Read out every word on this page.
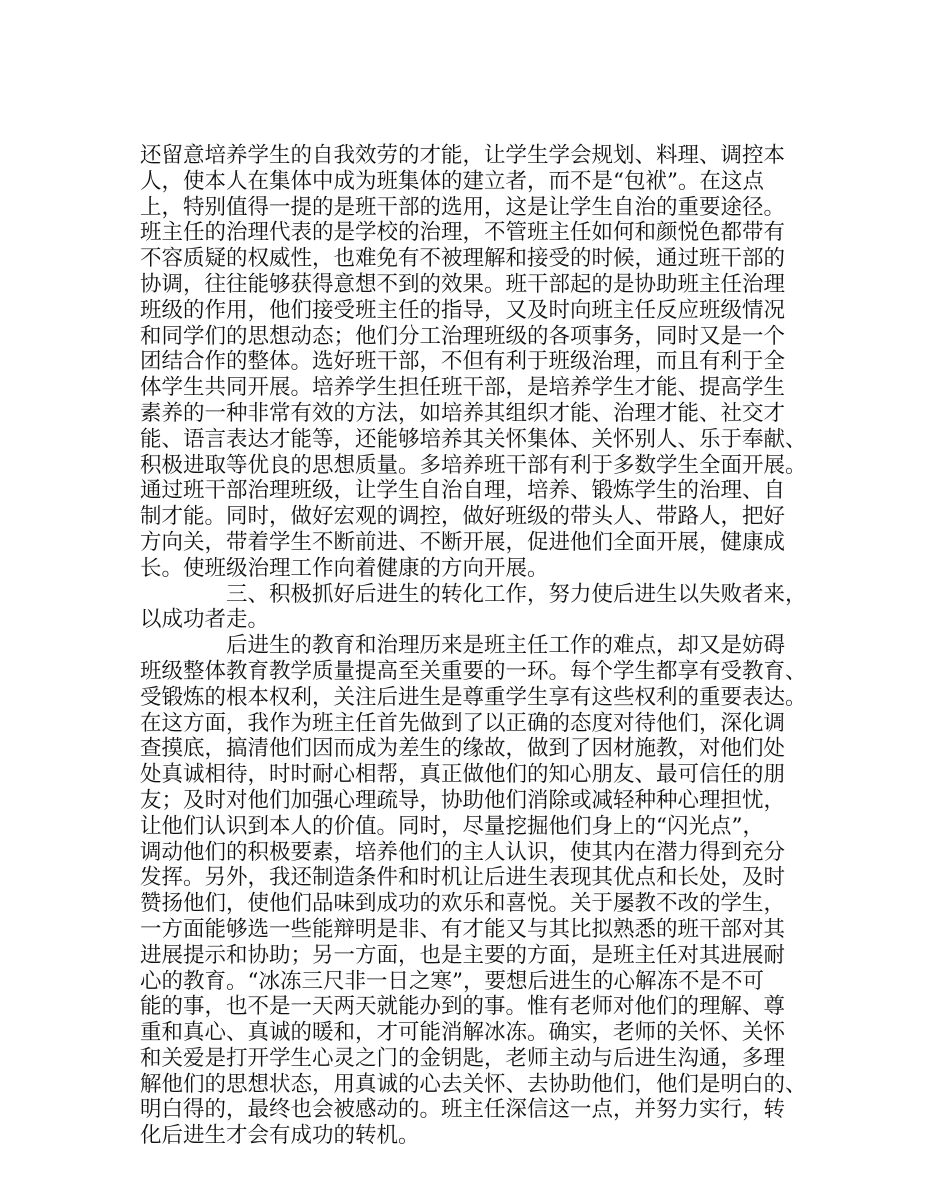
还留意培养学生的自我效劳的才能，让学生学会规划、料理、调控本
人，使本人在集体中成为班集体的建立者，而不是“包袱”。在这点
上，特别值得一提的是班干部的选用，这是让学生自治的重要途径。
班主任的治理代表的是学校的治理，不管班主任如何和颜悦色都带有
不容质疑的权威性，也难免有不被理解和接受的时候，通过班干部的
协调，往往能够获得意想不到的效果。班干部起的是协助班主任治理
班级的作用，他们接受班主任的指导，又及时向班主任反应班级情况
和同学们的思想动态；他们分工治理班级的各项事务，同时又是一个
团结合作的整体。选好班干部，不但有利于班级治理，而且有利于全
体学生共同开展。培养学生担任班干部，是培养学生才能、提高学生
素养的一种非常有效的方法，如培养其组织才能、治理才能、社交才
能、语言表达才能等，还能够培养其关怀集体、关怀别人、乐于奉献、
积极进取等优良的思想质量。多培养班干部有利于多数学生全面开展。
通过班干部治理班级，让学生自治自理，培养、锻炼学生的治理、自
制才能。同时，做好宏观的调控，做好班级的带头人、带路人，把好
方向关，带着学生不断前进、不断开展，促进他们全面开展，健康成
长。使班级治理工作向着健康的方向开展。
三、积极抓好后进生的转化工作，努力使后进生以失败者来，
以成功者走。
后进生的教育和治理历来是班主任工作的难点，却又是妨碍
班级整体教育教学质量提高至关重要的一环。每个学生都享有受教育、
受锻炼的根本权利，关注后进生是尊重学生享有这些权利的重要表达。
在这方面，我作为班主任首先做到了以正确的态度对待他们，深化调
查摸底，搞清他们因而成为差生的缘故，做到了因材施教，对他们处
处真诚相待，时时耐心相帮，真正做他们的知心朋友、最可信任的朋
友；及时对他们加强心理疏导，协助他们消除或减轻种种心理担忧，
让他们认识到本人的价值。同时，尽量挖掘他们身上的“闪光点”，
调动他们的积极要素，培养他们的主人认识，使其内在潜力得到充分
发挥。另外，我还制造条件和时机让后进生表现其优点和长处，及时
赞扬他们，使他们品味到成功的欢乐和喜悦。关于屡教不改的学生，
一方面能够选一些能辩明是非、有才能又与其比拟熟悉的班干部对其
进展提示和协助；另一方面，也是主要的方面，是班主任对其进展耐
心的教育。“冰冻三尺非一日之寒”，要想后进生的心解冻不是不可
能的事，也不是一天两天就能办到的事。惟有老师对他们的理解、尊
重和真心、真诚的暖和，才可能消解冰冻。确实，老师的关怀、关怀
和关爱是打开学生心灵之门的金钥匙，老师主动与后进生沟通，多理
解他们的思想状态，用真诚的心去关怀、去协助他们，他们是明白的、
明白得的，最终也会被感动的。班主任深信这一点，并努力实行，转
化后进生才会有成功的转机。
